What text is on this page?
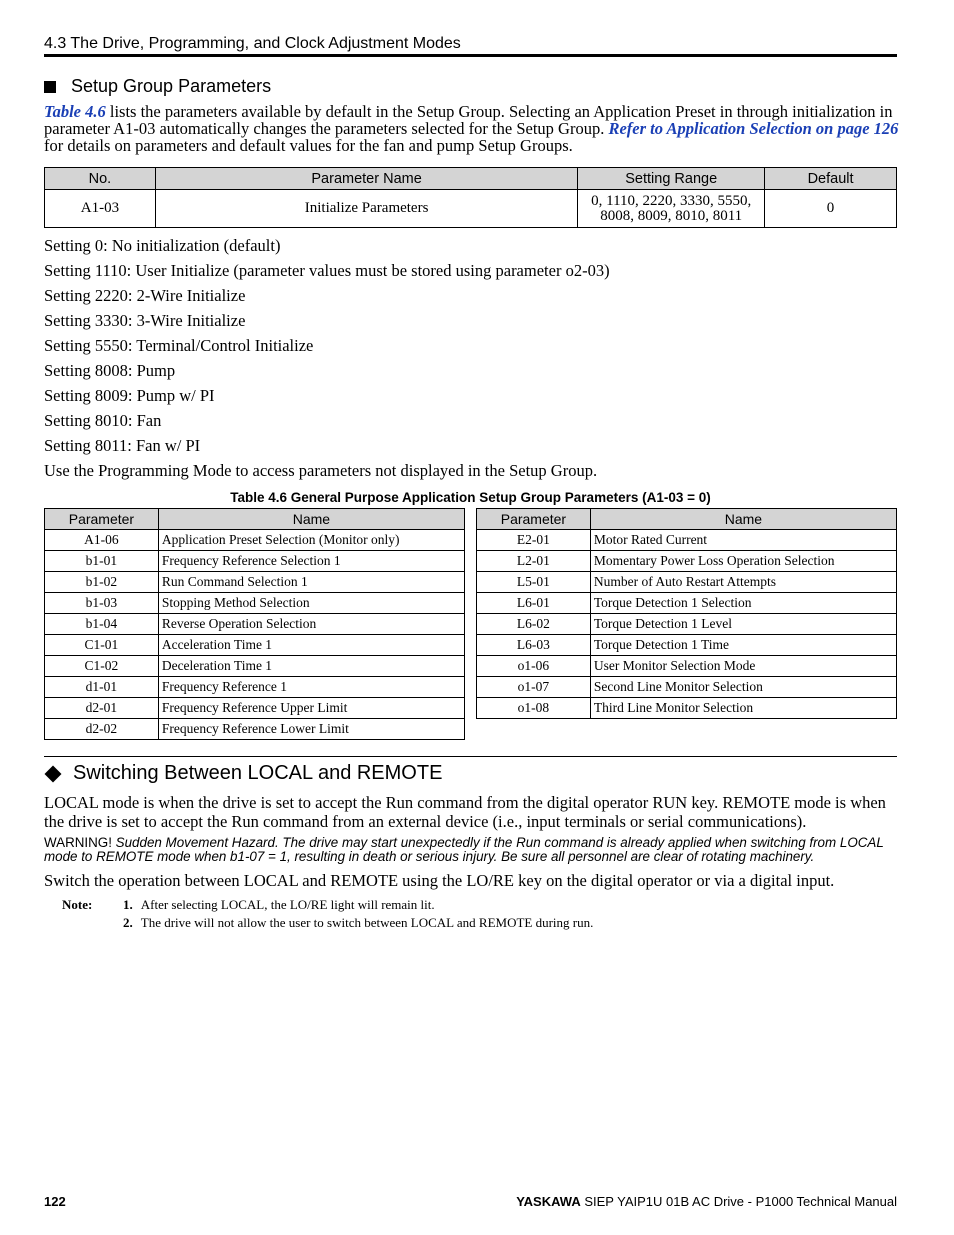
4.3 The Drive, Programming, and Clock Adjustment Modes
Setup Group Parameters
Table 4.6 lists the parameters available by default in the Setup Group. Selecting an Application Preset in through initialization in parameter A1-03 automatically changes the parameters selected for the Setup Group. Refer to Application Selection on page 126 for details on parameters and default values for the fan and pump Setup Groups.
No.	Parameter Name	Setting Range	Default
A1-03	Initialize Parameters	0, 1110, 2220, 3330, 5550,
8008, 8009, 8010, 8011	0
Setting 0: No initialization (default)
Setting 1110: User Initialize (parameter values must be stored using parameter o2-03)
Setting 2220: 2-Wire Initialize
Setting 3330: 3-Wire Initialize
Setting 5550: Terminal/Control Initialize
Setting 8008: Pump
Setting 8009: Pump w/ PI
Setting 8010: Fan
Setting 8011: Fan w/ PI
Use the Programming Mode to access parameters not displayed in the Setup Group.
Table 4.6 General Purpose Application Setup Group Parameters (A1-03 = 0)
Parameter	Name
A1-06	Application Preset Selection (Monitor only)
b1-01	Frequency Reference Selection 1
b1-02	Run Command Selection 1
b1-03	Stopping Method Selection
b1-04	Reverse Operation Selection
C1-01	Acceleration Time 1
C1-02	Deceleration Time 1
d1-01	Frequency Reference 1
d2-01	Frequency Reference Upper Limit
d2-02	Frequency Reference Lower Limit
Parameter	Name
E2-01	Motor Rated Current
L2-01	Momentary Power Loss Operation Selection
L5-01	Number of Auto Restart Attempts
L6-01	Torque Detection 1 Selection
L6-02	Torque Detection 1 Level
L6-03	Torque Detection 1 Time
o1-06	User Monitor Selection Mode
o1-07	Second Line Monitor Selection
o1-08	Third Line Monitor Selection
Switching Between LOCAL and REMOTE
LOCAL mode is when the drive is set to accept the Run command from the digital operator RUN key. REMOTE mode is when the drive is set to accept the Run command from an external device (i.e., input terminals or serial communications).
WARNING! Sudden Movement Hazard. The drive may start unexpectedly if the Run command is already applied when switching from LOCAL mode to REMOTE mode when b1-07 = 1, resulting in death or serious injury. Be sure all personnel are clear of rotating machinery.
Switch the operation between LOCAL and REMOTE using the LO/RE key on the digital operator or via a digital input.
Note: 1. After selecting LOCAL, the LO/RE light will remain lit.
2. The drive will not allow the user to switch between LOCAL and REMOTE during run.
122	YASKAWA SIEP YAIP1U 01B AC Drive - P1000 Technical Manual
